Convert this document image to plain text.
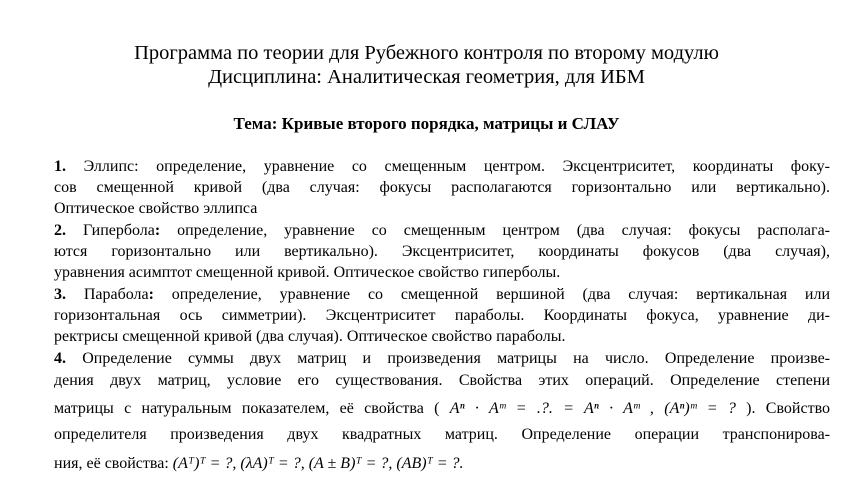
Программа по теории для Рубежного контроля по второму модулю
Дисциплина: Аналитическая геометрия, для ИБМ
Тема: Кривые второго порядка, матрицы и СЛАУ
1. Эллипс: определение, уравнение со смещенным центром. Эксцентриситет, координаты фоку-
сов смещенной кривой (два случая: фокусы располагаются горизонтально или вертикально).
Оптическое свойство эллипса
2. Гипербола: определение, уравнение со смещенным центром (два случая: фокусы располага-
ются горизонтально или вертикально). Эксцентриситет, координаты фокусов (два случая),
уравнения асимптот смещенной кривой. Оптическое свойство гиперболы.
3. Парабола: определение, уравнение со смещенной вершиной (два случая: вертикальная или
горизонтальная ось симметрии). Эксцентриситет параболы. Координаты фокуса, уравнение ди-
ректрисы смещенной кривой (два случая). Оптическое свойство параболы.
4. Определение суммы двух матриц и произведения матрицы на число. Определение произве-
дения двух матриц, условие его существования. Свойства этих операций. Определение степени
матрицы с натуральным показателем, её свойства ( Aⁿ · Aᵐ = .?. = Aⁿ · Aᵐ , (Aⁿ)ᵐ = ? ). Свойство
определителя произведения двух квадратных матриц. Определение операции транспонирова-
ния, её свойства: (Aᵀ)ᵀ = ?, (λA)ᵀ = ?, (A ± B)ᵀ = ?, (AB)ᵀ = ?.
